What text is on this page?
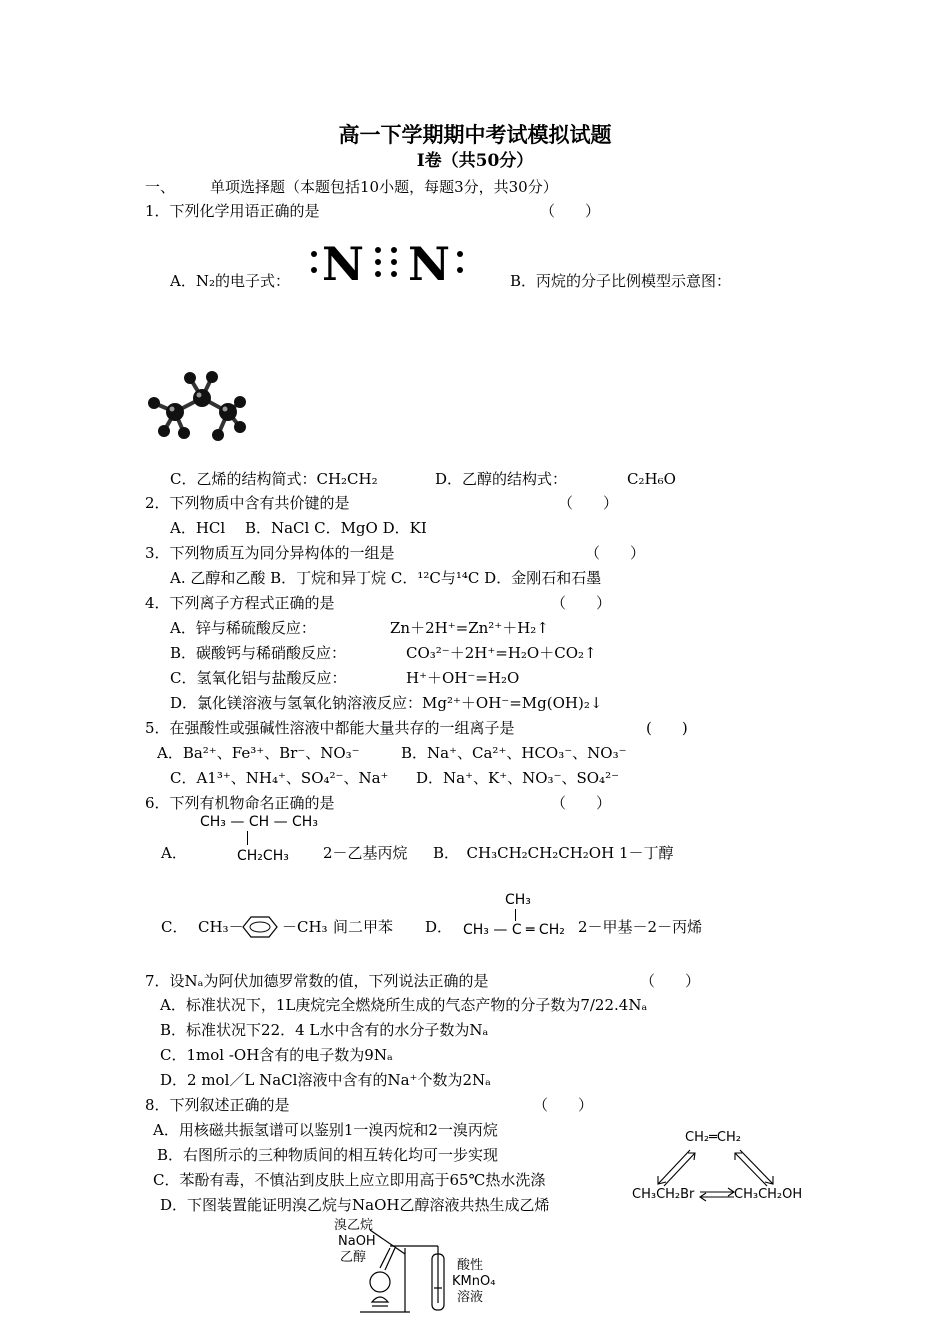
高一下学期期中考试模拟试题
I卷（共50分）
一、 单项选择题（本题包括10小题，每题3分，共30分）
1．下列化学用语正确的是	（　　）
A．N₂的电子式： N N	B．丙烷的分子比例模型示意图：
C．乙烯的结构简式：CH₂CH₂	D．乙醇的结构式：	C₂H₆O
2．下列物质中含有共价键的是	（　　）
A．HCl　 B．NaCl C．MgO D．KI
3．下列物质互为同分异构体的一组是	（　　）
A. 乙醇和乙酸 B．丁烷和异丁烷 C．¹²C与¹⁴C D．金刚石和石墨
4．下列离子方程式正确的是	（　　）
A．锌与稀硫酸反应：	Zn＋2H⁺=Zn²⁺＋H₂↑
B．碳酸钙与稀硝酸反应：	CO₃²⁻＋2H⁺=H₂O＋CO₂↑
C．氢氧化铝与盐酸反应：	H⁺＋OH⁻=H₂O
D．氯化镁溶液与氢氧化钠溶液反应：Mg²⁺＋OH⁻=Mg(OH)₂↓
5．在强酸性或强碱性溶液中都能大量共存的一组离子是	(　　)
A．Ba²⁺、Fe³⁺、Br⁻、NO₃⁻	B．Na⁺、Ca²⁺、HCO₃⁻、NO₃⁻
C．A1³⁺、NH₄⁺、SO₄²⁻、Na⁺ D．Na⁺、K⁺、NO₃⁻、SO₄²⁻
6．下列有机物命名正确的是	（　　）
CH₃ — CH — CH₃
A．	CH₂CH₃ 2－乙基丙烷 B．　CH₃CH₂CH₂CH₂OH 1－丁醇
C． CH₃－	－CH₃ 间二甲苯 D．
CH₃
CH₃ — C ═ CH₂ 2－甲基－2－丙烯
7．设Nₐ为阿伏加德罗常数的值，下列说法正确的是	（　　）
A．标准状况下，1L庚烷完全燃烧所生成的气态产物的分子数为7/22.4Nₐ
B．标准状况下22．4 L水中含有的水分子数为Nₐ
C．1mol -OH含有的电子数为9Nₐ
D．2 mol／L NaCl溶液中含有的Na⁺个数为2Nₐ
8．下列叙述正确的是	（　　）
A．用核磁共振氢谱可以鉴别1一溴丙烷和2一溴丙烷
B．右图所示的三种物质间的相互转化均可一步实现
C．苯酚有毒，不慎沾到皮肤上应立即用高于65℃热水洗涤
D．下图装置能证明溴乙烷与NaOH乙醇溶液共热生成乙烯
CH₂═CH₂
CH₃CH₂Br	CH₃CH₂OH
溴乙烷
NaOH
乙醇
酸性
KMnO₄
溶液
